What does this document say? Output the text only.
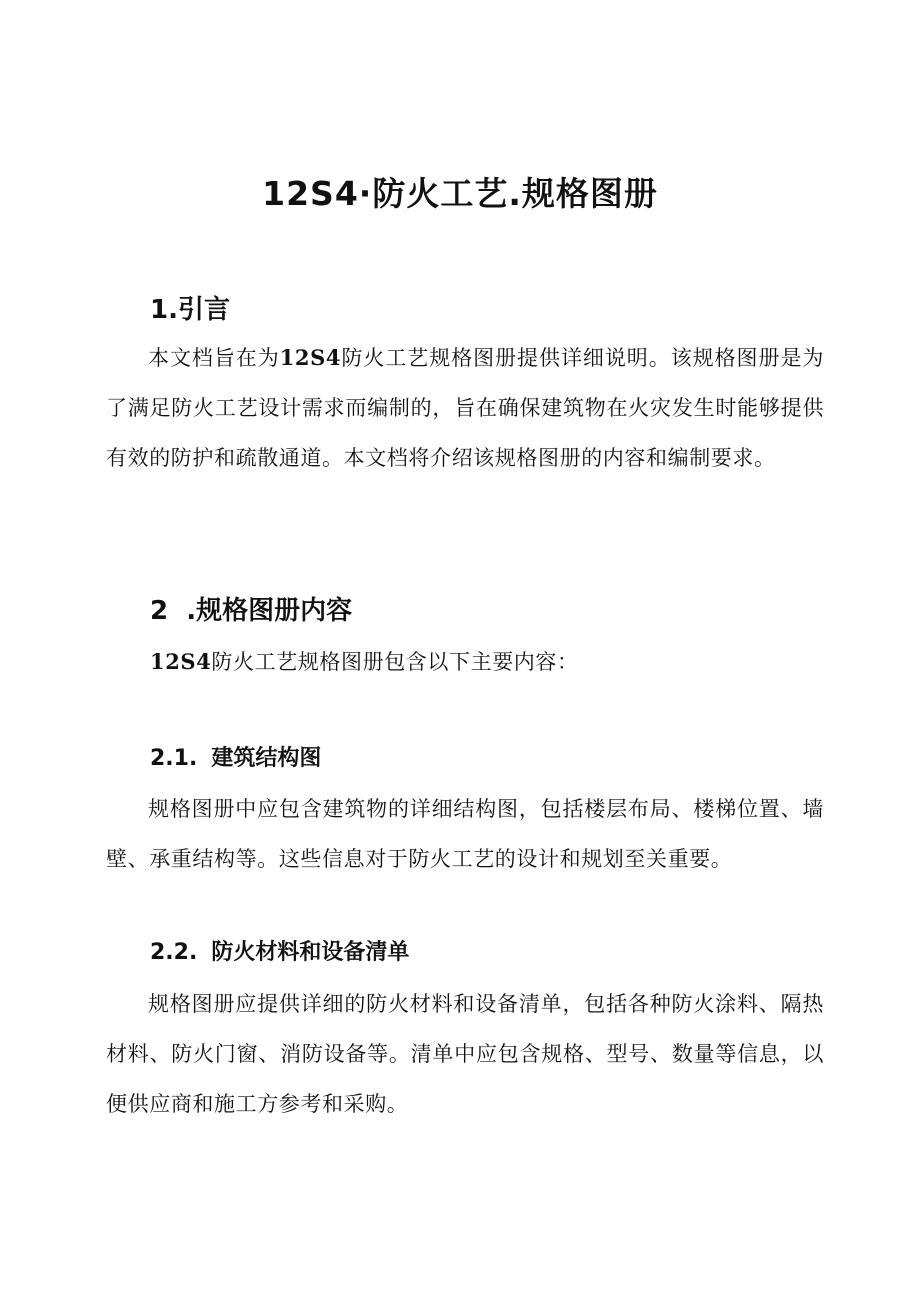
12S4·防火工艺.规格图册
1.引言

本文档旨在为12S4防火工艺规格图册提供详细说明。该规格图册是为了满足防火工艺设计需求而编制的，旨在确保建筑物在火灾发生时能够提供有效的防护和疏散通道。本文档将介绍该规格图册的内容和编制要求。

2 .规格图册内容

12S4防火工艺规格图册包含以下主要内容：

2.1. 建筑结构图

规格图册中应包含建筑物的详细结构图，包括楼层布局、楼梯位置、墙壁、承重结构等。这些信息对于防火工艺的设计和规划至关重要。

2.2. 防火材料和设备清单

规格图册应提供详细的防火材料和设备清单，包括各种防火涂料、隔热材料、防火门窗、消防设备等。清单中应包含规格、型号、数量等信息，以便供应商和施工方参考和采购。
